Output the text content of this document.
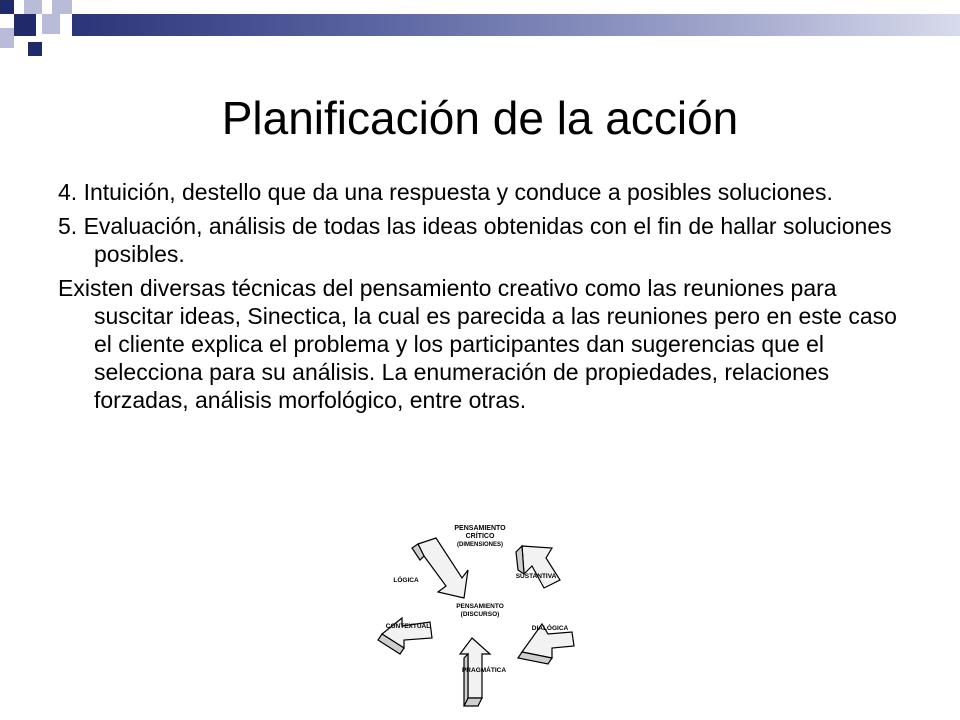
Planificación de la acción

4. Intuición, destello que da una respuesta y conduce a posibles soluciones.

5. Evaluación, análisis de todas las ideas obtenidas con el fin de hallar soluciones posibles.

Existen diversas técnicas del pensamiento creativo como las reuniones para suscitar ideas, Sinectica, la cual es parecida a las reuniones pero en este caso el cliente explica el problema y los participantes dan sugerencias que el selecciona para su análisis. La enumeración de propiedades, relaciones forzadas, análisis morfológico, entre otras.

PENSAMIENTO
CRÍTICO
(DIMENSIONES)
LÓGICA
SUSTANTIVA
PENSAMIENTO
(DISCURSO)
CONTEXTUAL	DIALÓGICA
PRAGMÁTICA
